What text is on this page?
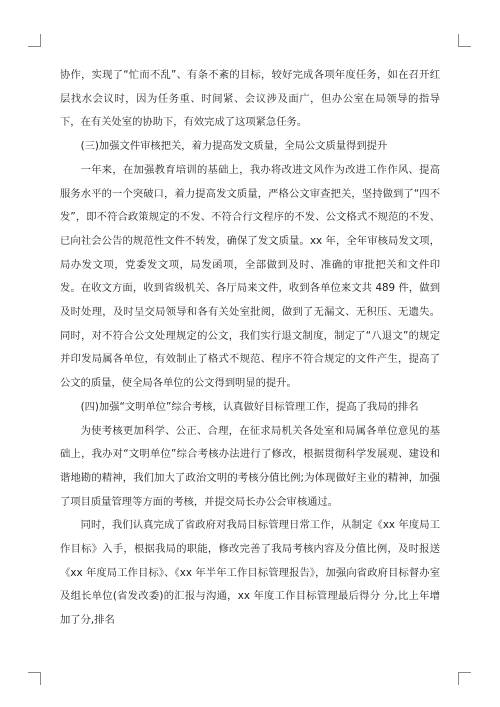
协作，实现了“忙而不乱”、有条不紊的目标，较好完成各项年度任务，如在召开红层找水会议时，因为任务重、时间紧、会议涉及面广，但办公室在局领导的指导下，在有关处室的协助下，有效完成了这项紧急任务。

(三)加强文件审核把关，着力提高发文质量，全局公文质量得到提升

一年来，在加强教育培训的基础上，我办将改进文风作为改进工作作风、提高服务水平的一个突破口，着力提高发文质量，严格公文审查把关，坚持做到了“四不发”，即不符合政策规定的不发、不符合行文程序的不发、公文格式不规范的不发、已向社会公告的规范性文件不转发，确保了发文质量。xx 年，全年审核局发文项，局办发文项，党委发文项，局发函项，全部做到及时、准确的审批把关和文件印发。在收文方面，收到省级机关、各厅局来文件，收到各单位来文共 489 件，做到及时处理，及时呈交局领导和各有关处室批阅，做到了无漏文、无积压、无遗失。同时，对不符合公文处理规定的公文，我们实行退文制度，制定了“八退文”的规定并印发局属各单位，有效制止了格式不规范、程序不符合规定的文件产生，提高了公文的质量，使全局各单位的公文得到明显的提升。

(四)加强“文明单位”综合考核，认真做好目标管理工作，提高了我局的排名

为使考核更加科学、公正、合理，在征求局机关各处室和局属各单位意见的基础上，我办对“文明单位”综合考核办法进行了修改，根据贯彻科学发展观、建设和谐地勘的精神，我们加大了政治文明的考核分值比例;为体现做好主业的精神，加强了项目质量管理等方面的考核，并提交局长办公会审核通过。

同时，我们认真完成了省政府对我局目标管理日常工作，从制定《xx 年度局工作目标》入手，根据我局的职能，修改完善了我局考核内容及分值比例，及时报送《xx 年度局工作目标》、《xx 年半年工作目标管理报告》，加强向省政府目标督办室及组长单位(省发改委)的汇报与沟通，xx 年度工作目标管理最后得分 分,比上年增加了分,排名
